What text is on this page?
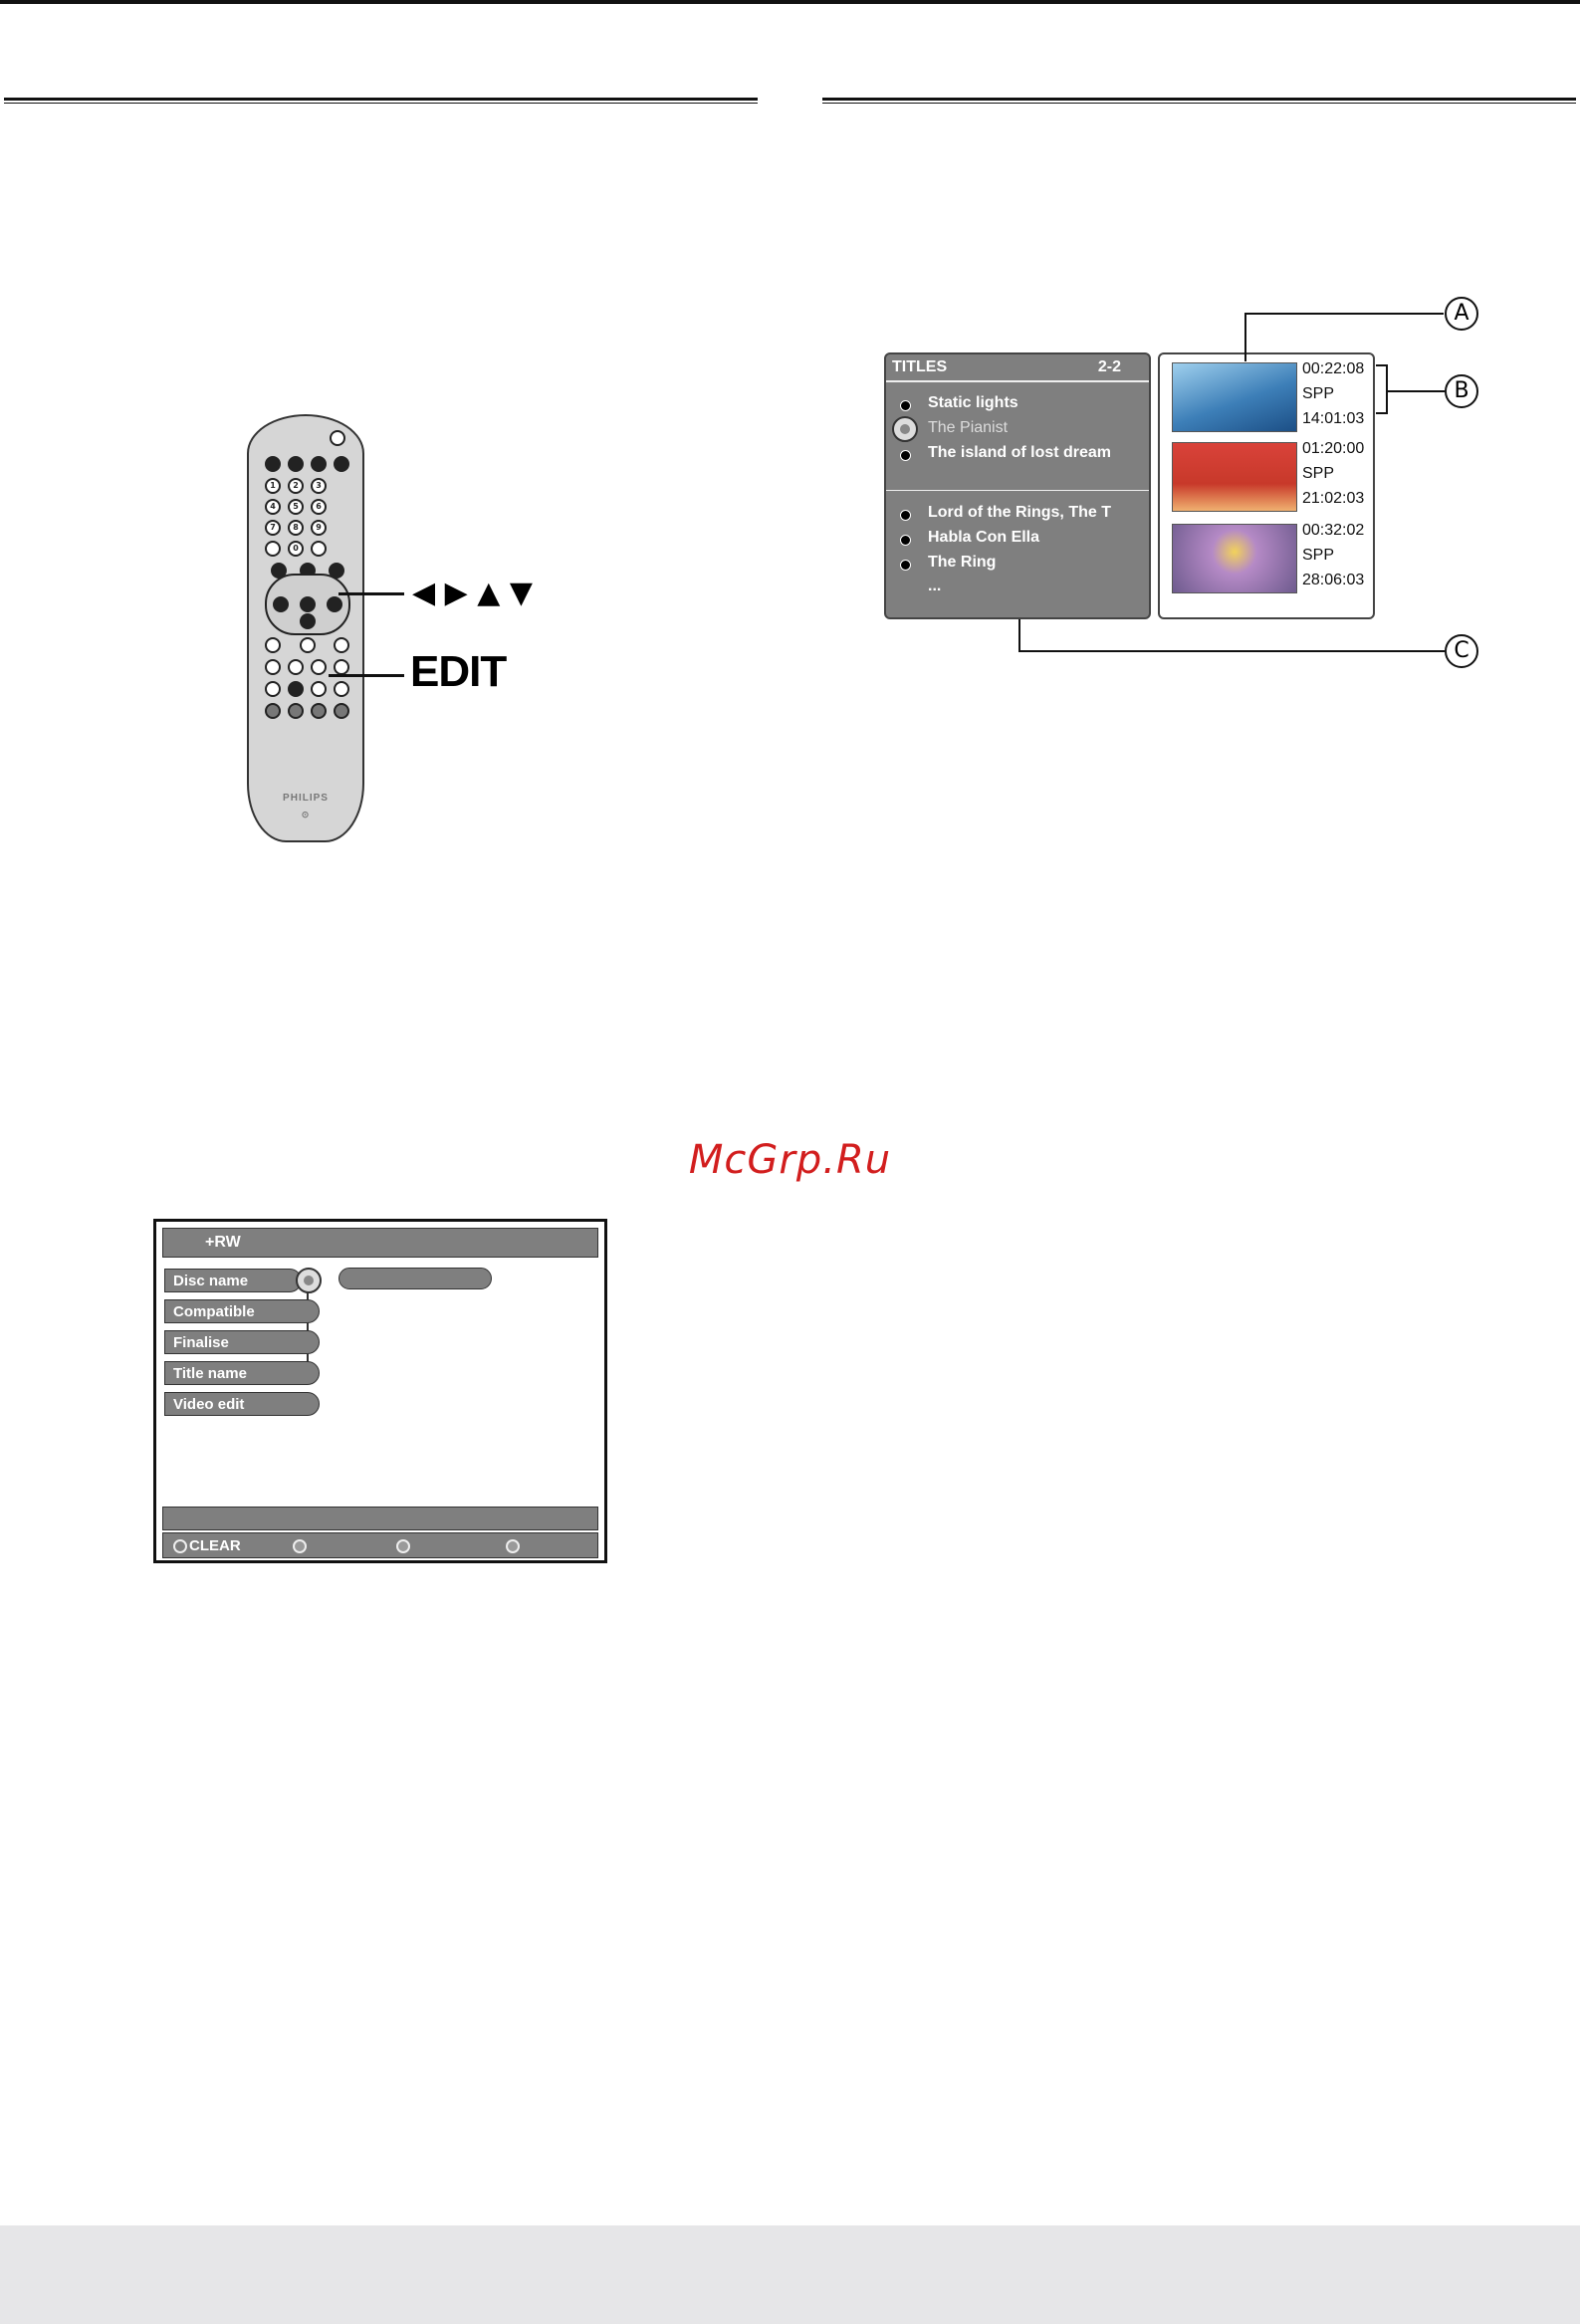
1	2	3
4	5	6
7	8	9
0
PHILIPS
⊙
◀ ▶ ▲ ▼
EDIT
TITLES	2-2
Static lights
The Pianist
The island of lost dream
Lord of the Rings, The T
Habla Con Ella
The Ring
...
00:22:08
SPP
14:01:03
01:20:00
SPP
21:02:03
00:32:02
SPP
28:06:03
A
B
C
McGrp.Ru
+RW
Disc name
Compatible
Finalise
Title name
Video edit
CLEAR
